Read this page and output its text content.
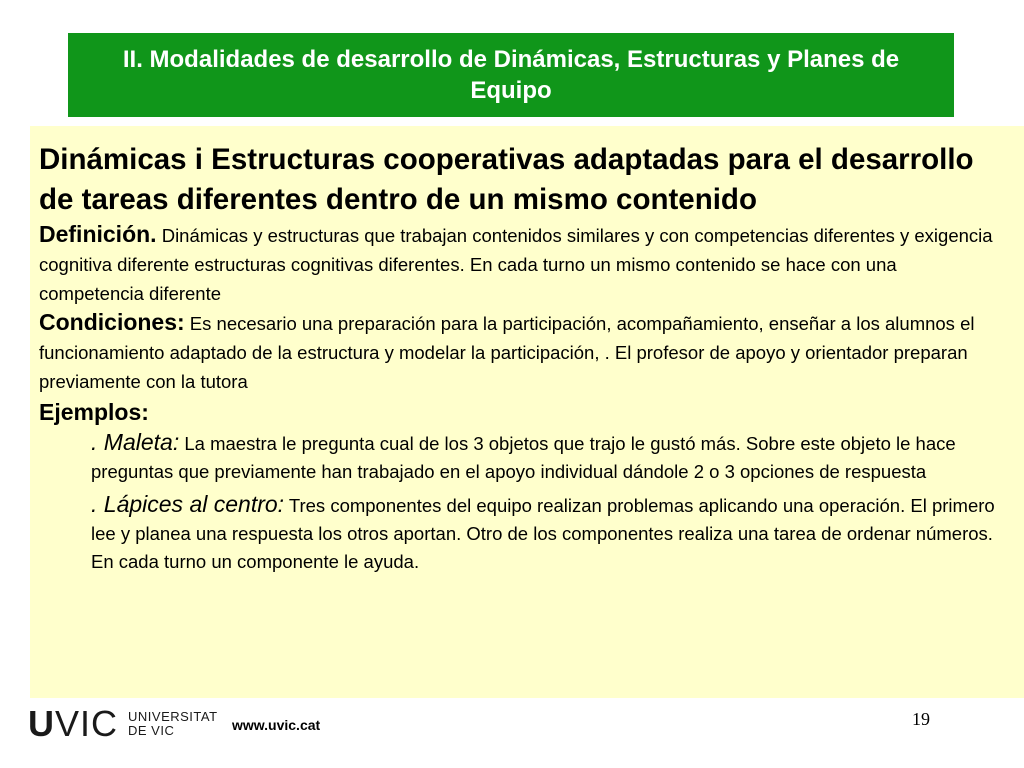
II. Modalidades de desarrollo de Dinámicas, Estructuras y Planes de Equipo

Dinámicas i Estructuras cooperativas adaptadas para el desarrollo de tareas diferentes dentro de un mismo contenido

Definición. Dinámicas y estructuras que trabajan contenidos similares y con competencias diferentes y exigencia cognitiva diferente estructuras cognitivas diferentes. En cada turno un mismo contenido se hace con una competencia diferente

Condiciones: Es necesario una preparación para la participación, acompañamiento, enseñar a los alumnos el funcionamiento adaptado de la estructura y modelar la participación, . El profesor de apoyo y orientador preparan previamente con la tutora

Ejemplos:

. Maleta: La maestra le pregunta cual de los 3 objetos que trajo le gustó más. Sobre este objeto le hace preguntas que previamente han trabajado en el apoyo individual dándole 2 o 3 opciones de respuesta

. Lápices al centro: Tres componentes del equipo realizan problemas aplicando una operación. El primero lee y planea una respuesta los otros aportan. Otro de los componentes realiza una tarea de ordenar números. En cada turno un componente le ayuda.

UVIC UNIVERSITAT
DE VIC	www.uvic.cat	19
